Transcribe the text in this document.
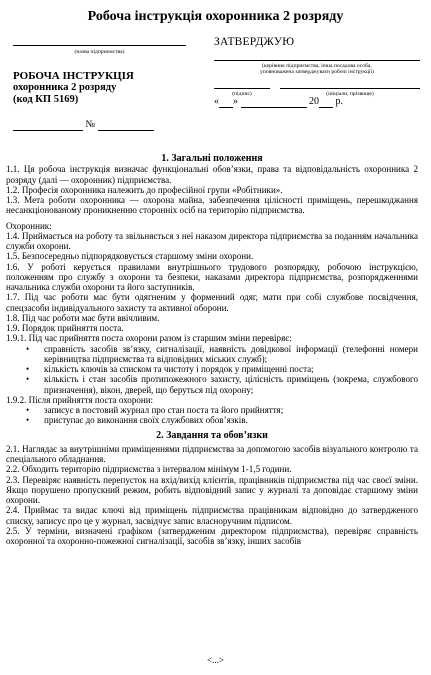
Робоча інструкція охоронника 2 розряду
(назва підприємства)
ЗАТВЕРДЖУЮ
(керівник підприємства, інша посадова особа,
уповноважена затверджувати робочі інструкції)
(підпис)	(ініціали, прізвище)
« »	20 р.
РОБОЧА ІНСТРУКЦІЯ
охоронника 2 розряду
(код КП 5169)
№
1. Загальні положення

1.1. Ця робоча інструкція визначає функціональні обов’язки, права та відповідальність охоронника 2 розряду (далі — охоронник) підприємства.

1.2. Професія охоронника належить до професійної групи «Робітники».

1.3. Мета роботи охоронника — охорона майна, забезпечення цілісності приміщень, перешкоджання несанкціонованому проникненню сторонніх осіб на територію підприємства.

Охоронник:

1.4. Приймається на роботу та звільняється з неї наказом директора підприємства за поданням начальника служби охорони.

1.5. Безпосередньо підпорядковується старшому зміни охорони.

1.6. У роботі керується правилами внутрішнього трудового розпорядку, робочою інструкцією, положенням про службу з охорони та безпеки, наказами директора підприємства, розпорядженнями начальника служби охорони та його заступників.

1.7. Під час роботи має бути одягненим у форменний одяг, мати при собі службове посвідчення, спецзасоби індивідуального захисту та активної оборони.

1.8. Під час роботи має бути ввічливим.

1.9. Порядок прийняття поста.

1.9.1. Під час прийняття поста охорони разом із старшим зміни перевіряє:

•	справність засобів зв’язку, сигналізації, наявність довідкової інформації (телефонні номери керівництва підприємства та відповідних міських служб);
•	кількість ключів за списком та чистоту і порядок у приміщенні поста;
•	кількість і стан засобів протипожежного захисту, цілісність приміщень (зокрема, службового призначення), вікон, дверей, що беруться під охорону;

1.9.2. Після прийняття поста охорони:

•	записує в постовий журнал про стан поста та його прийняття;
•	приступає до виконання своїх службових обов’язків.
2. Завдання та обов’язки

2.1. Наглядає за внутрішніми приміщеннями підприємства за допомогою засобів візуального контролю та спеціального обладнання.

2.2. Обходить територію підприємства з інтервалом мінімум 1-1,5 години.

2.3. Перевіряє наявність перепусток на вхід/вихід клієнтів, працівників підприємства під час своєї зміни. Якщо порушено пропускний режим, робить відповідний запис у журналі та доповідає старшому зміни охорони.

2.4. Приймає та видає ключі від приміщень підприємства працівникам відповідно до затвердженого списку, записує про це у журнал, засвідчує запис власноручним підписом.

2.5. У терміни, визначені графіком (затвердженим директором підприємства), перевіряє справність охоронної та охоронно-пожежної сигналізації, засобів зв’язку, інших засобів

<...>
